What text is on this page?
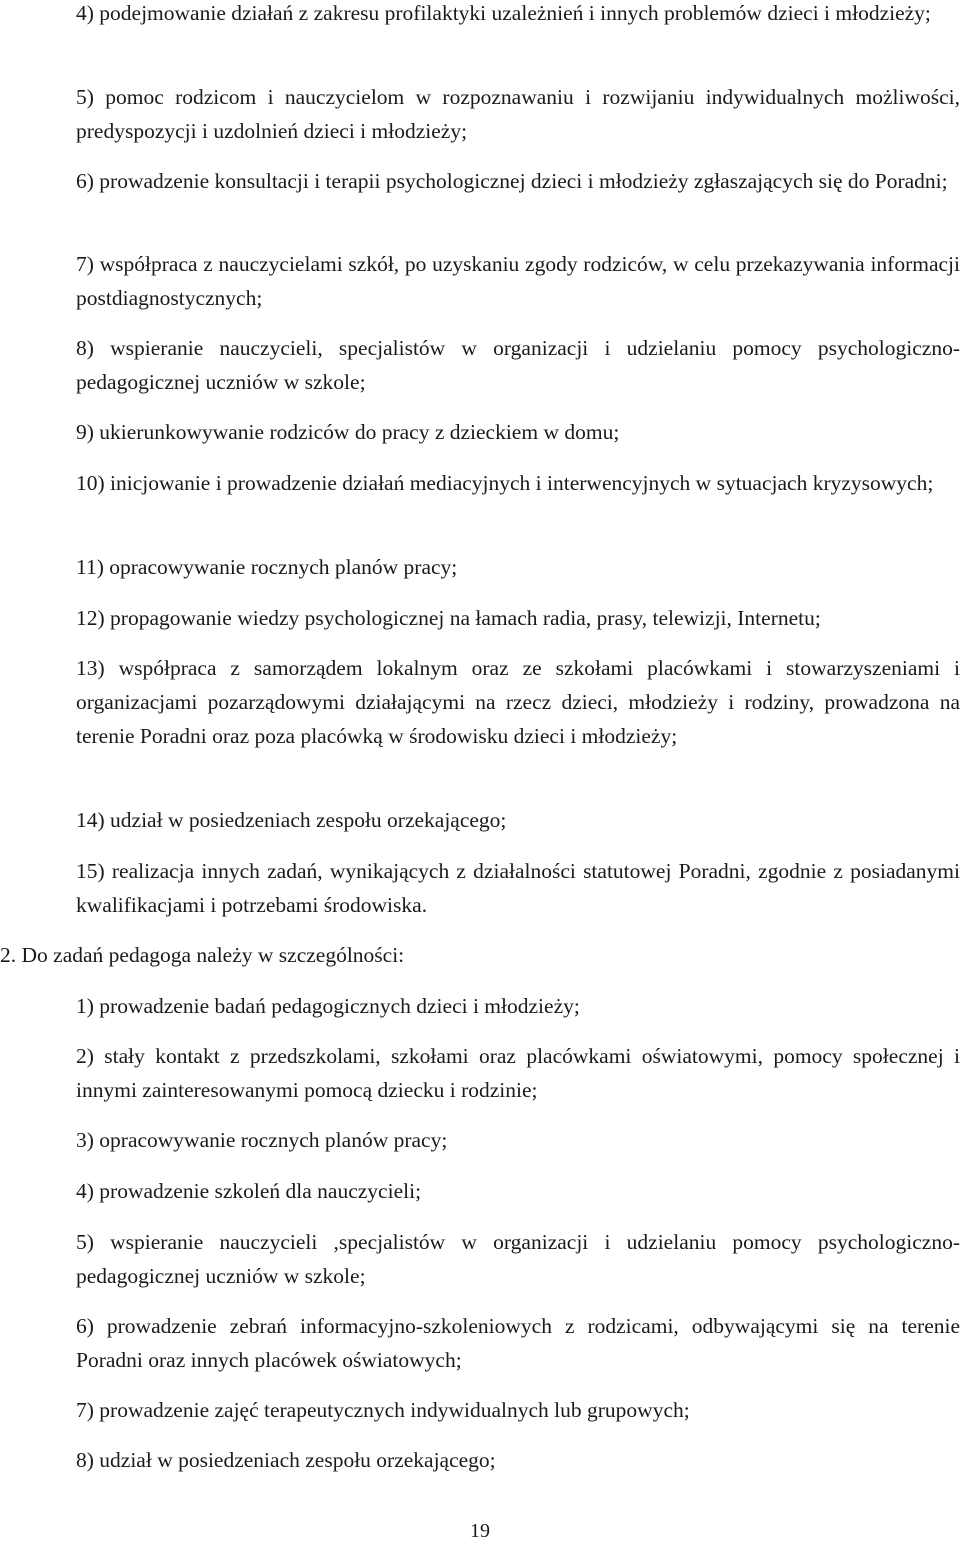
4) podejmowanie działań z zakresu profilaktyki uzależnień i innych problemów dzieci i młodzieży;

5) pomoc rodzicom i nauczycielom w rozpoznawaniu i rozwijaniu indywidualnych możliwości, predyspozycji i uzdolnień dzieci i młodzieży;

6) prowadzenie konsultacji i terapii psychologicznej dzieci i młodzieży zgłaszających się do Poradni;

7) współpraca z nauczycielami szkół, po uzyskaniu zgody rodziców, w celu przekazywania informacji postdiagnostycznych;

8) wspieranie nauczycieli, specjalistów w organizacji i udzielaniu pomocy psychologiczno-pedagogicznej uczniów w szkole;

9) ukierunkowywanie rodziców do pracy z dzieckiem w domu;

10) inicjowanie i prowadzenie działań mediacyjnych i interwencyjnych w sytuacjach kryzysowych;

11) opracowywanie rocznych planów pracy;

12) propagowanie wiedzy psychologicznej na łamach radia, prasy, telewizji, Internetu;

13) współpraca z samorządem lokalnym oraz ze szkołami placówkami i stowarzyszeniami i organizacjami pozarządowymi działającymi na rzecz dzieci, młodzieży i rodziny, prowadzona na terenie Poradni oraz poza placówką w środowisku dzieci i młodzieży;

14) udział w posiedzeniach zespołu orzekającego;

15) realizacja innych zadań, wynikających z działalności statutowej Poradni, zgodnie z posiadanymi kwalifikacjami i potrzebami środowiska.

2. Do zadań pedagoga należy w szczególności:

1) prowadzenie badań pedagogicznych dzieci i młodzieży;

2) stały kontakt z przedszkolami, szkołami oraz placówkami oświatowymi, pomocy społecznej i innymi zainteresowanymi pomocą dziecku i rodzinie;

3) opracowywanie rocznych planów pracy;

4) prowadzenie szkoleń dla nauczycieli;

5) wspieranie nauczycieli ,specjalistów w organizacji i udzielaniu pomocy psychologiczno-pedagogicznej uczniów w szkole;

6) prowadzenie zebrań informacyjno-szkoleniowych z rodzicami, odbywającymi się na terenie Poradni oraz innych placówek oświatowych;

7) prowadzenie zajęć terapeutycznych indywidualnych lub grupowych;

8) udział w posiedzeniach zespołu orzekającego;

19
